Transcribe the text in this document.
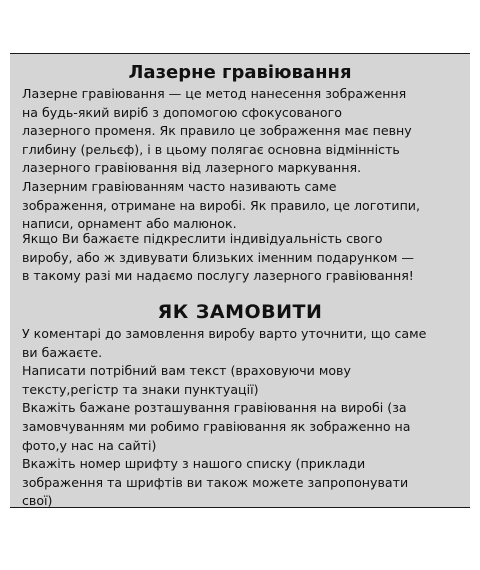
Лазерне гравіювання
Лазерне гравіювання — це метод нанесення зображення
на будь-який виріб з допомогою сфокусованого
лазерного променя. Як правило це зображення має певну
глибину (рельєф), і в цьому полягає основна відмінність
лазерного гравіювання від лазерного маркування.
Лазерним гравіюванням часто називають саме
зображення, отримане на виробі. Як правило, це логотипи,
написи, орнамент або малюнок.
Якщо Ви бажаєте підкреслити індивідуальність свого
виробу, або ж здивувати близьких іменним подарунком —
в такому разі ми надаємо послугу лазерного гравіювання!
ЯК ЗАМОВИТИ
У коментарі до замовлення виробу варто уточнити, що саме
ви бажаєте.
Написати потрібний вам текст (враховуючи мову
тексту,регістр та знаки пунктуації)
Вкажіть бажане розташування гравіювання на виробі (за
замовчуванням ми робимо гравіювання як зображенно на
фото,у нас на сайті)
Вкажіть номер шрифту з нашого списку (приклади
зображення та шрифтів ви також можете запропонувати
свої)
